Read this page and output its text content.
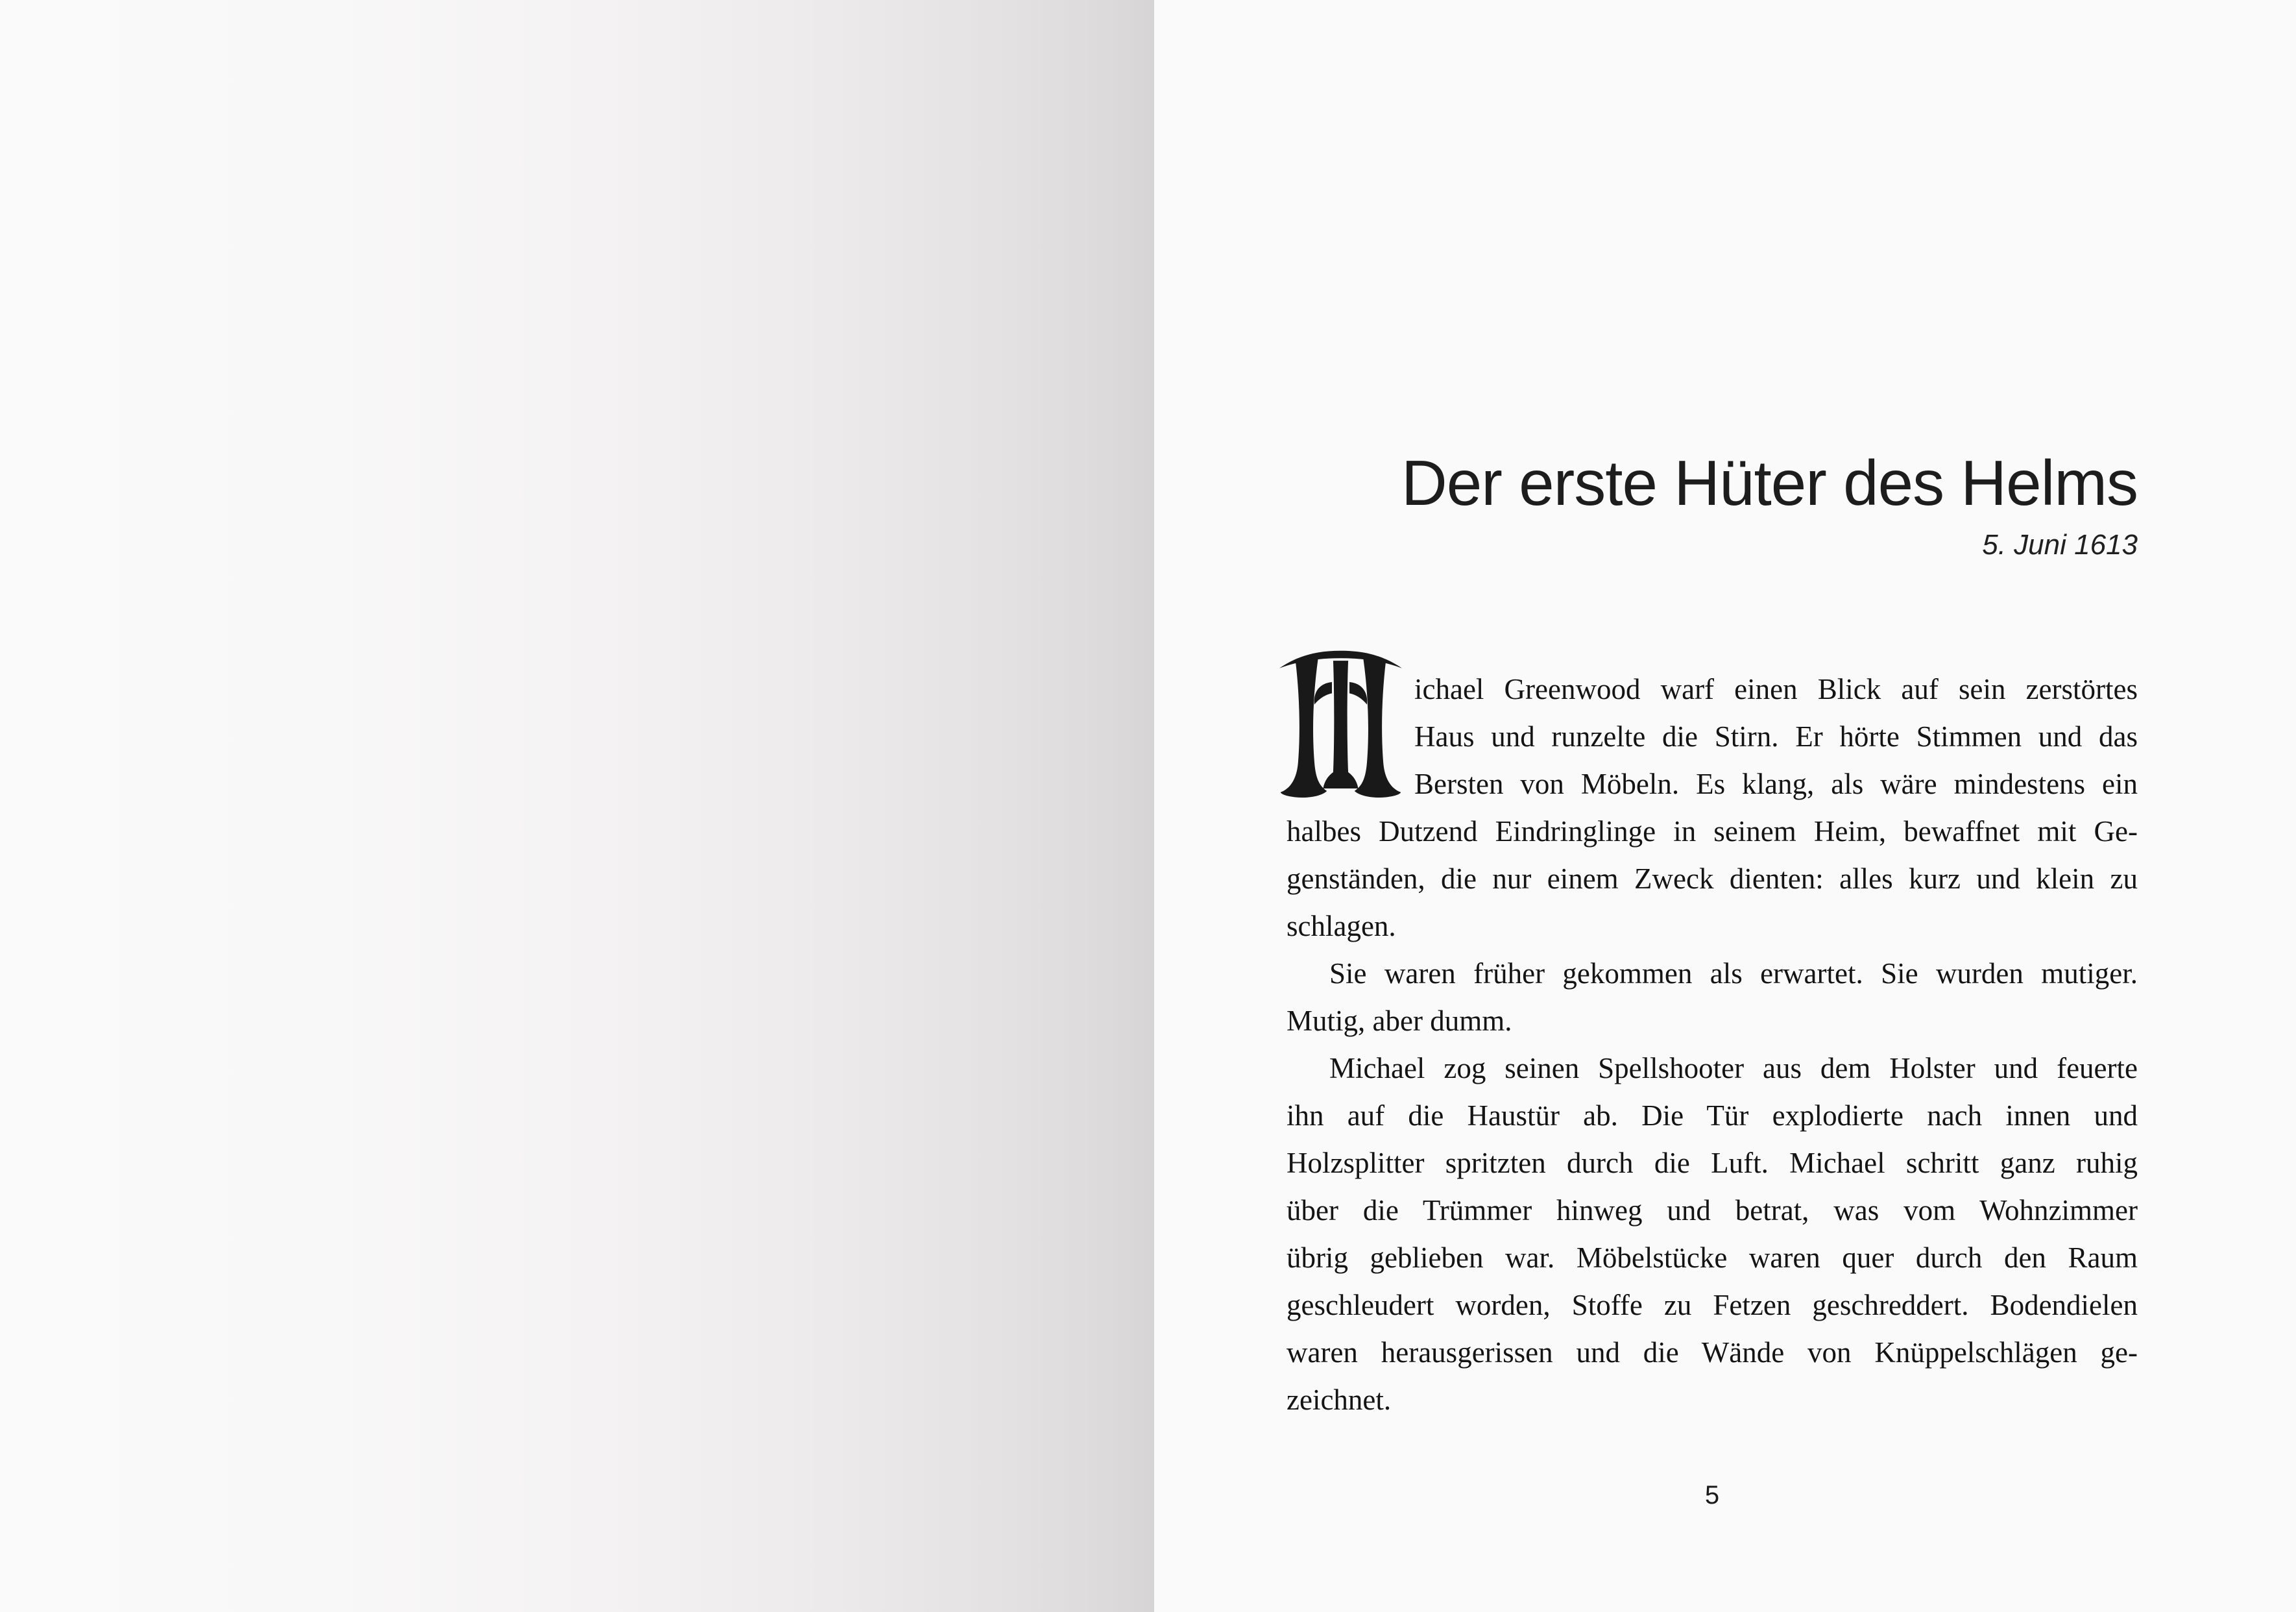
Der erste Hüter des Helms
5. Juni 1613
ichael Greenwood warf einen Blick auf sein zerstörtes
Haus und runzelte die Stirn. Er hörte Stimmen und das
Bersten von Möbeln. Es klang, als wäre mindestens ein
halbes Dutzend Eindringlinge in seinem Heim, bewaffnet mit Ge-
genständen, die nur einem Zweck dienten: alles kurz und klein zu
schlagen.
Sie waren früher gekommen als erwartet. Sie wurden mutiger.
Mutig, aber dumm.
Michael zog seinen Spellshooter aus dem Holster und feuerte
ihn auf die Haustür ab. Die Tür explodierte nach innen und
Holzsplitter spritzten durch die Luft. Michael schritt ganz ruhig
über die Trümmer hinweg und betrat, was vom Wohnzimmer
übrig geblieben war. Möbelstücke waren quer durch den Raum
geschleudert worden, Stoffe zu Fetzen geschreddert. Bodendielen
waren herausgerissen und die Wände von Knüppelschlägen ge-
zeichnet.
5
